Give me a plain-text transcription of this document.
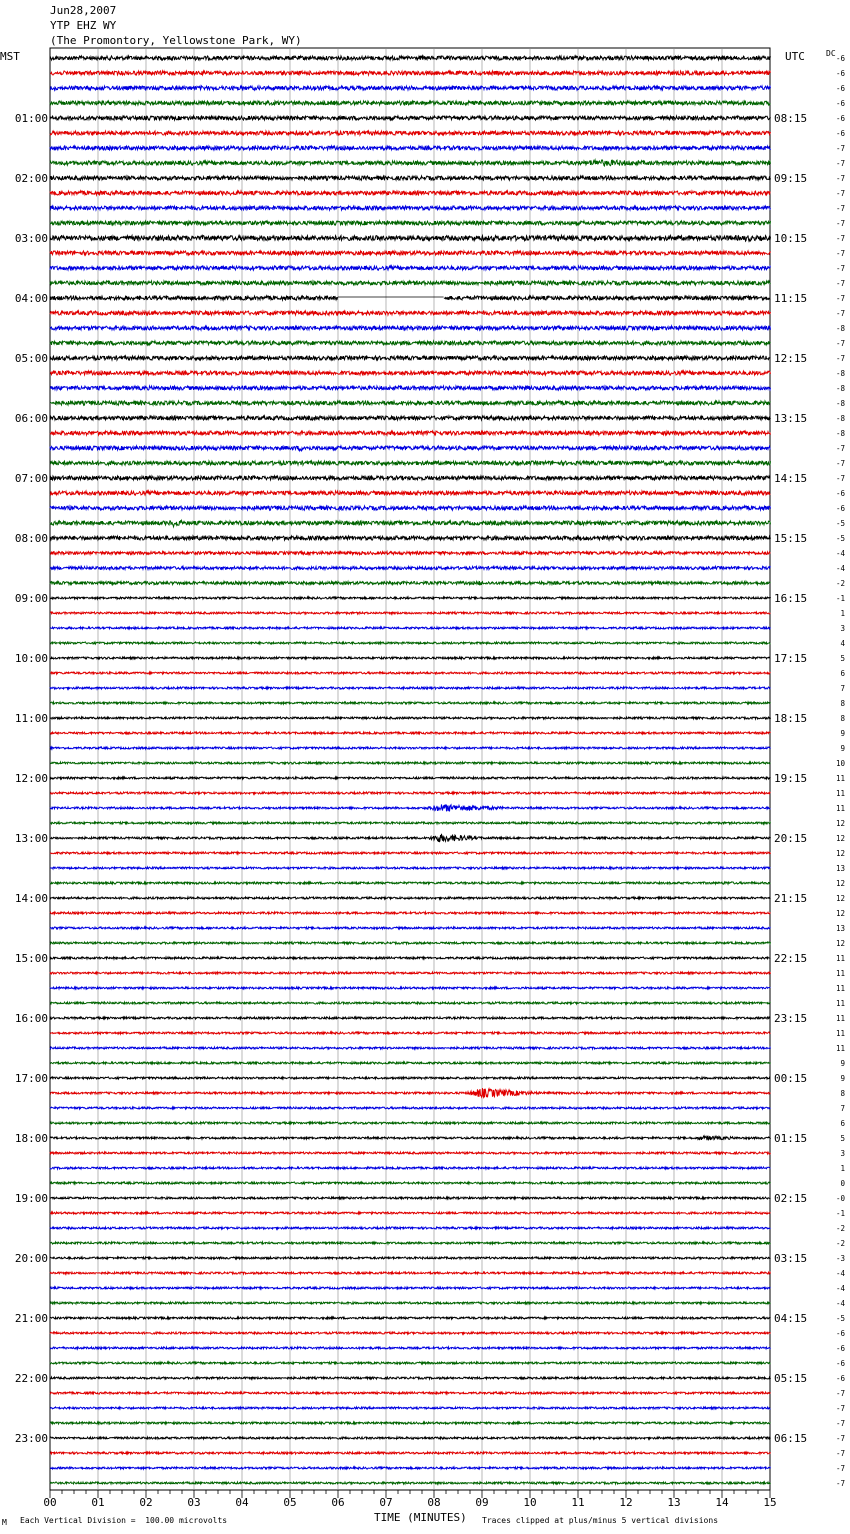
Jun28,2007
YTP EHZ WY
(The Promontory, Yellowstone Park, WY)
MST	UTC	DC
00	01	02	03	04	05	06	07	08	09	10	11	12	13	14	15
-6
-6
-6
-6
-6
-6
-7
-7
-7
-7
-7
-7
-7
-7
-7
-7
-7
-7
-8
-7
-7
-8
-8
-8
-8
-8
-7
-7
-7
-6
-6
-5
-5
-4
-4
-2
-1
1
3
4
5
6
7
8
8
9
9
10
11
11
11
12
12
12
13
12
12
12
13
12
11
11
11
11
11
11
11
9
9
8
7
6
5
3
1
0
-0
-1
-2
-2
-3
-4
-4
-4
-5
-6
-6
-6
-6
-7
-7
-7
-7
-7
-7
-7
01:00	08:15
02:00	09:15
03:00	10:15
04:00	11:15
05:00	12:15
06:00	13:15
07:00	14:15
08:00	15:15
09:00	16:15
10:00	17:15
11:00	18:15
12:00	19:15
13:00	20:15
14:00	21:15
15:00	22:15
16:00	23:15
17:00	00:15
18:00	01:15
19:00	02:15
20:00	03:15
21:00	04:15
22:00	05:15
23:00	06:15
TIME (MINUTES)
M Each Vertical Division =  100.00 microvolts	Traces clipped at plus/minus 5 vertical divisions
